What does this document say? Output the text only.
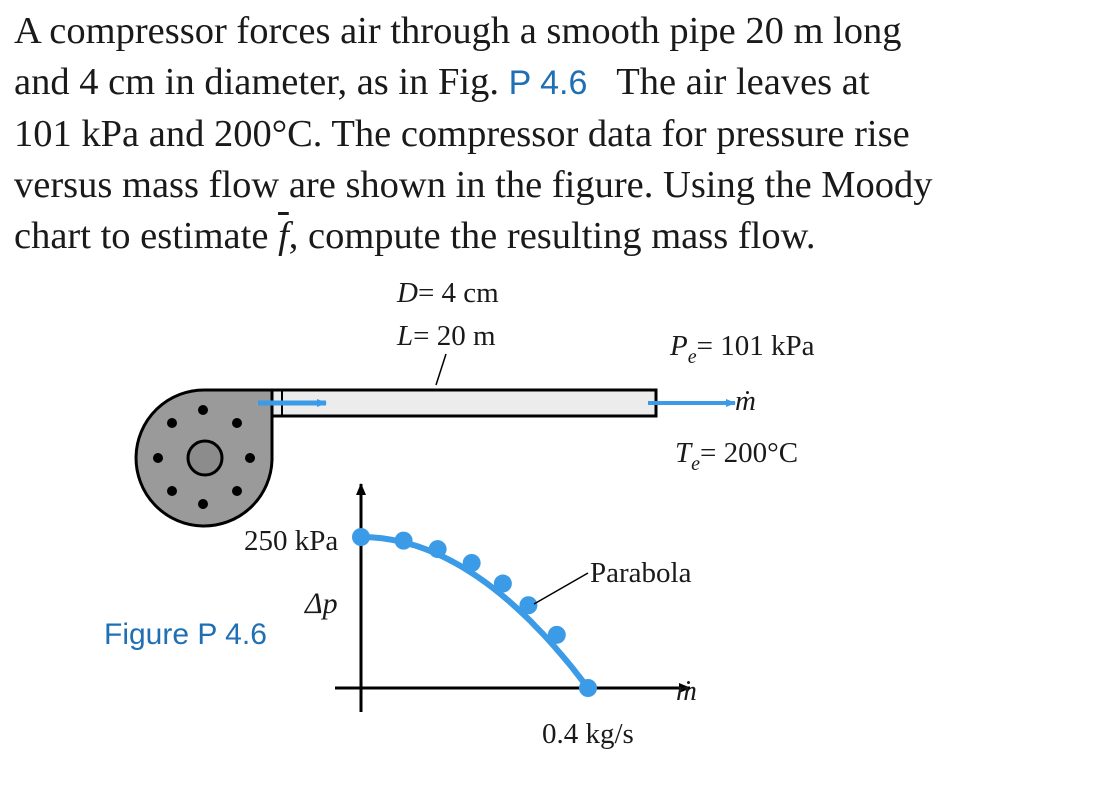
A compressor forces air through a smooth pipe 20 m long
and 4 cm in diameter, as in Fig. P 4.6 The air leaves at
101 kPa and 200°C. The compressor data for pressure rise
versus mass flow are shown in the figure. Using the Moody
chart to estimate $\overline{f}$, compute the resulting mass flow.
D= 4 cm
L= 20 m	$P_e= 101$ kPa
ṁ
$T_e= 200^\circ C$
250 kPa
Δp
ṁ
0.4 kg/s
Parabola
Figure P 4.6
